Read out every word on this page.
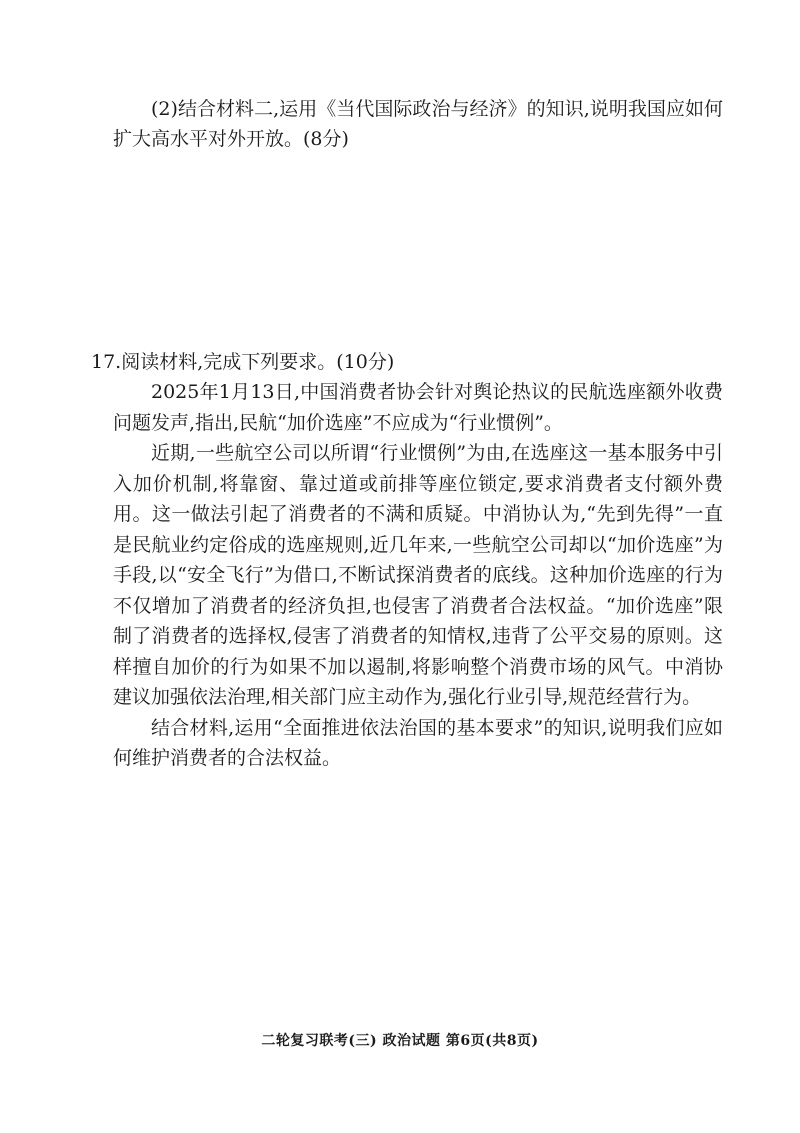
(2)结合材料二,运用《当代国际政治与经济》的知识,说明我国应如何扩大高水平对外开放。(8分)

17.阅读材料,完成下列要求。(10分)

2025年1月13日,中国消费者协会针对舆论热议的民航选座额外收费问题发声,指出,民航“加价选座”不应成为“行业惯例”。

近期,一些航空公司以所谓“行业惯例”为由,在选座这一基本服务中引入加价机制,将靠窗、靠过道或前排等座位锁定,要求消费者支付额外费用。这一做法引起了消费者的不满和质疑。中消协认为,“先到先得”一直是民航业约定俗成的选座规则,近几年来,一些航空公司却以“加价选座”为手段,以“安全飞行”为借口,不断试探消费者的底线。这种加价选座的行为不仅增加了消费者的经济负担,也侵害了消费者合法权益。“加价选座”限制了消费者的选择权,侵害了消费者的知情权,违背了公平交易的原则。这样擅自加价的行为如果不加以遏制,将影响整个消费市场的风气。中消协建议加强依法治理,相关部门应主动作为,强化行业引导,规范经营行为。

结合材料,运用“全面推进依法治国的基本要求”的知识,说明我们应如何维护消费者的合法权益。

二轮复习联考(三) 政治试题 第6页(共8页)
